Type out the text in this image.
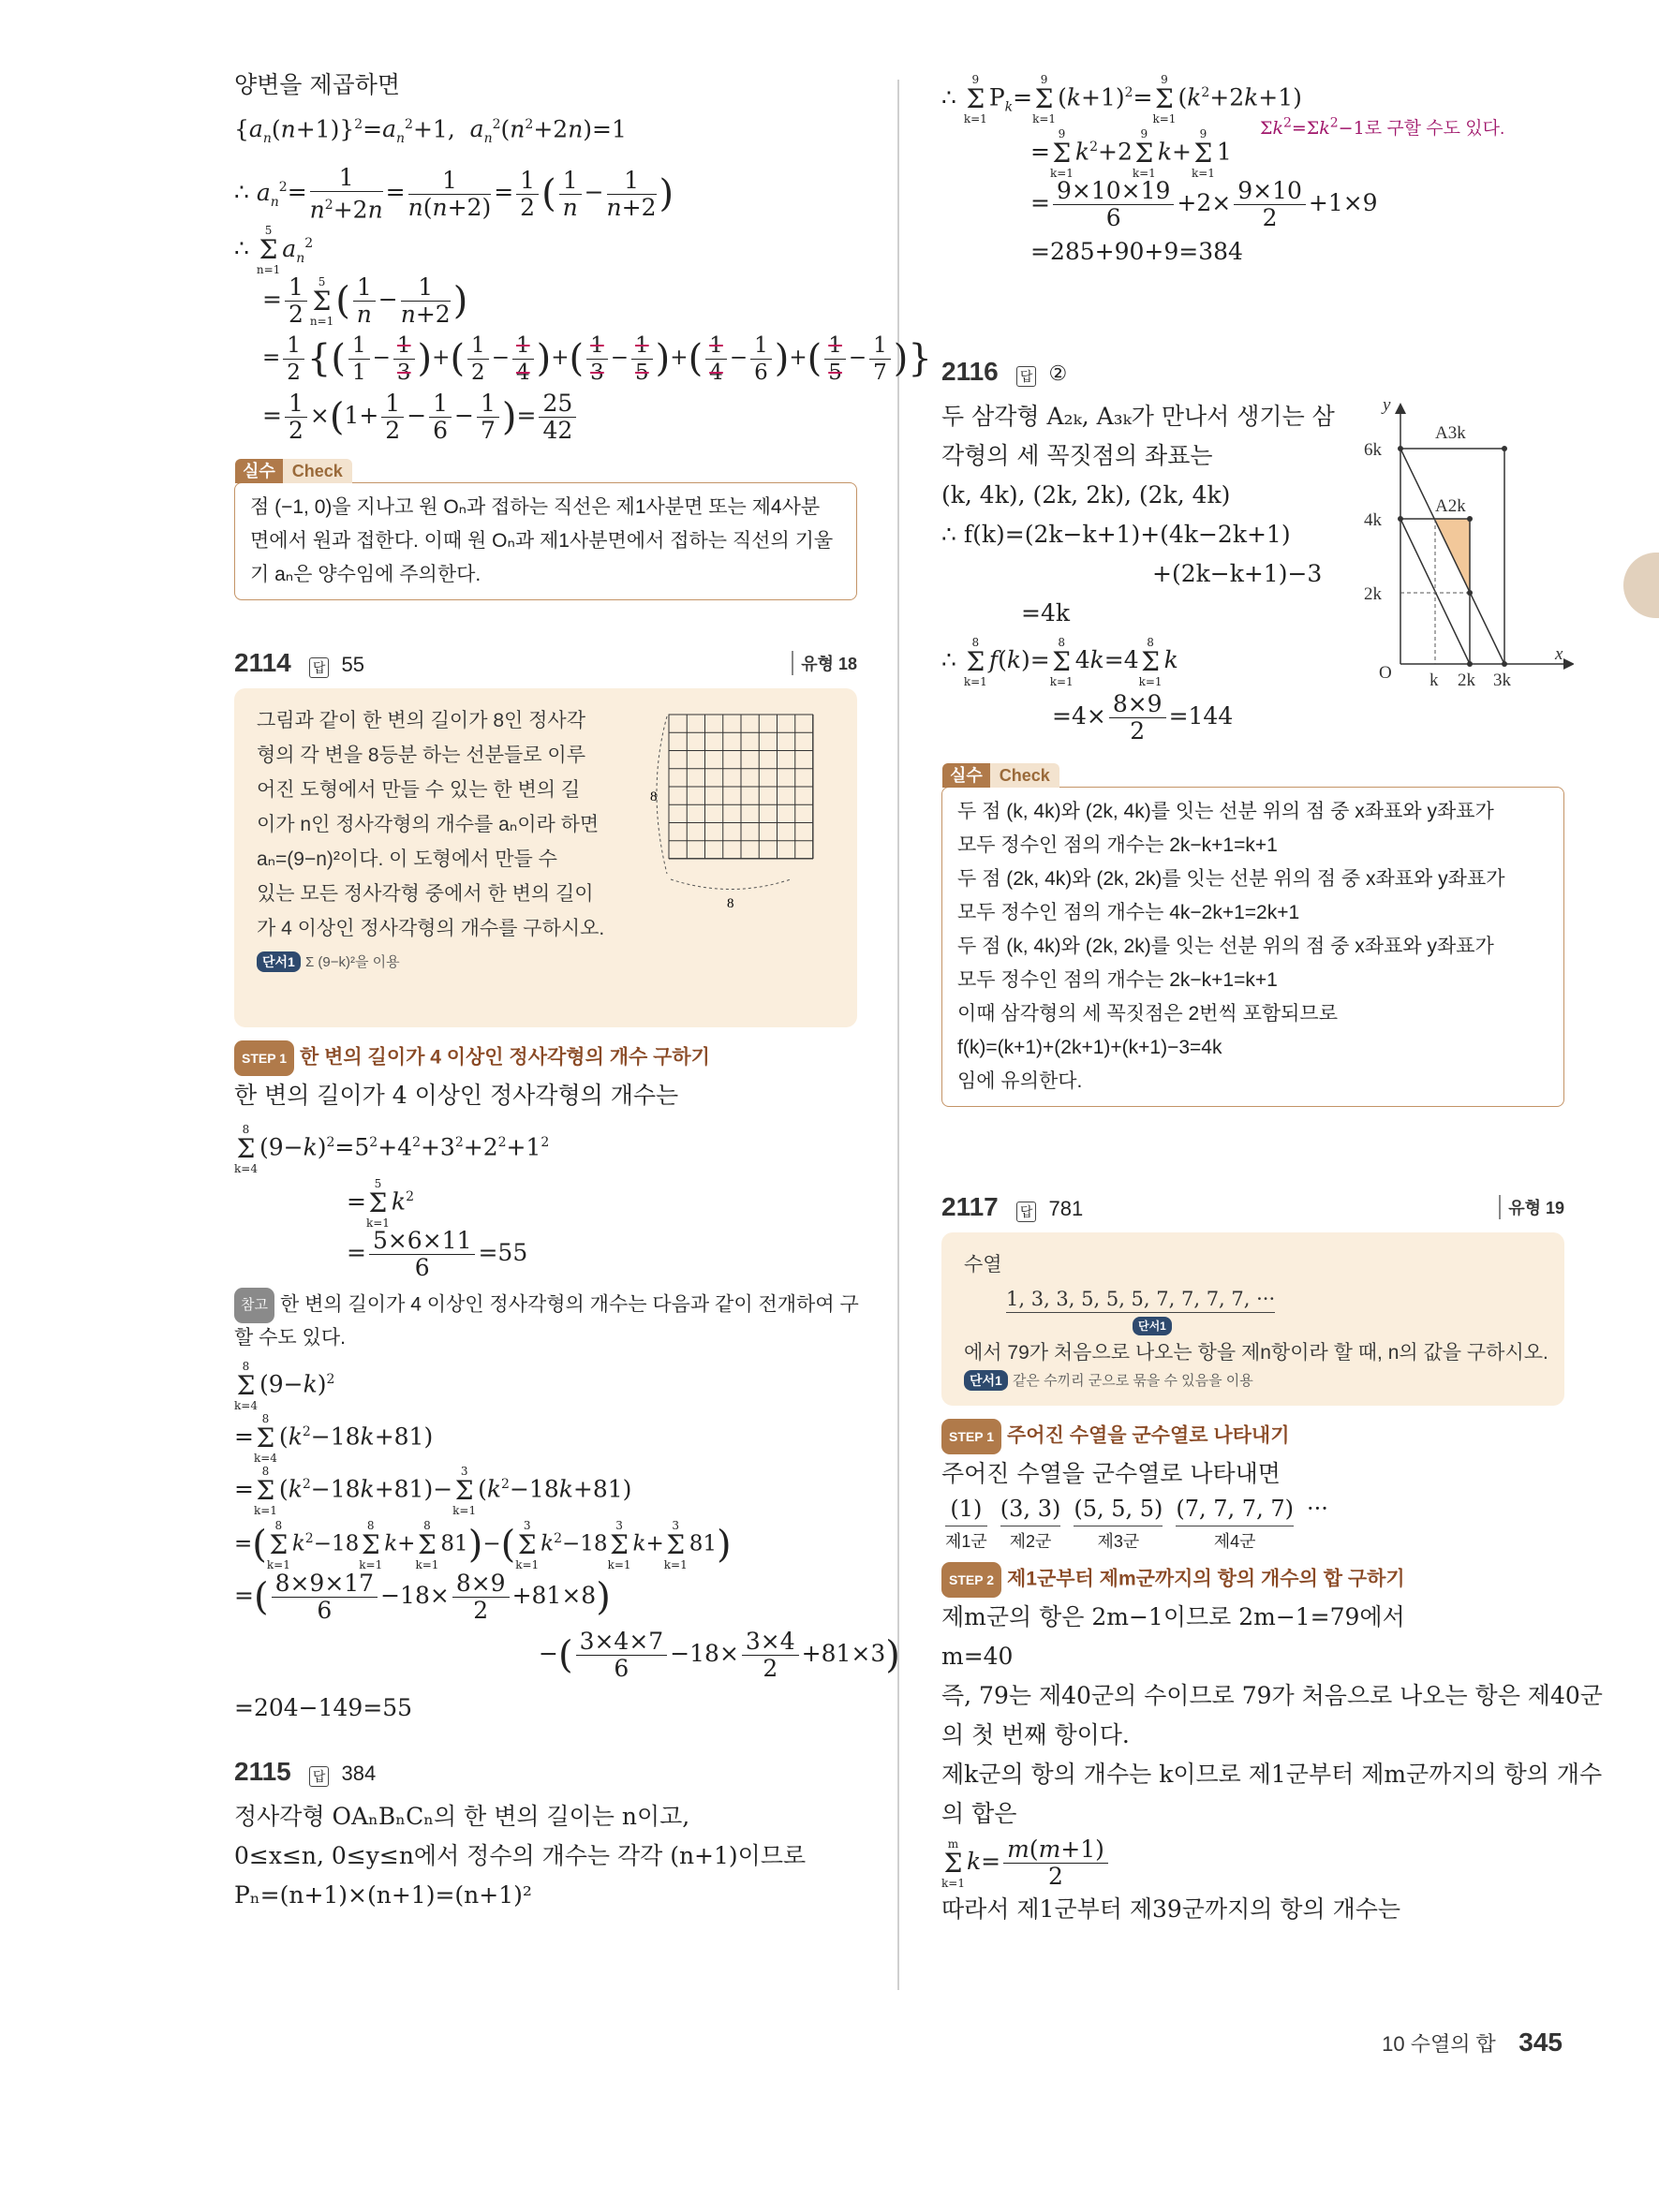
양변을 제곱하면
$\{a_n(n+1)\}^2=a_n^2+1$,  $a_n^2(n^2+2n)=1$
∴ $a_n^2= \frac{1}{n^2+2n} = \frac{1}{n(n+2)} = \frac{1}{2}$ ( $\frac{1}{n} - \frac{1}{n+2}$ )
∴
5
Σ
n=1
$a_n^2$
= $\frac{1}{2} 5$
Σ
n=1 ( $\frac{1}{n} - \frac{1}{n+2}$ )
= $\frac{1}{2}$ {( $\frac{1}{1} - \frac{1}{3}$ )+( $\frac{1}{2} - \frac{1}{4}$ )+( $\frac{1}{3} - \frac{1}{5}$ )+( $\frac{1}{4} - \frac{1}{6}$ )+( $\frac{1}{5} - \frac{1}{7}$ )}
= $\frac{1}{2} \times(1+ \frac{1}{2} - \frac{1}{6} - \frac{1}{7}$ )= $\frac{25}{42}$
실수	Check
점 (−1, 0)을 지나고 원 Oₙ과 접하는 직선은 제1사분면 또는 제4사분
면에서 원과 접한다. 이때 원 Oₙ과 제1사분면에서 접하는 직선의 기울
기 aₙ은 양수임에 주의한다.
2114 답 55	유형 18
그림과 같이 한 변의 길이가 8인 정사각
형의 각 변을 8등분 하는 선분들로 이루
어진 도형에서 만들 수 있는 한 변의 길
이가 n인 정사각형의 개수를 aₙ이라 하면
aₙ=(9−n)²이다. 이 도형에서 만들 수
있는 모든 정사각형 중에서 한 변의 길이
가 4 이상인 정사각형의 개수를 구하시오.
단서1 Σ (9−k)²을 이용
8
8
STEP 1 한 변의 길이가 4 이상인 정사각형의 개수 구하기
한 변의 길이가 4 이상인 정사각형의 개수는
8
Σ
k=4
$(9-k)^2=5^2+4^2+3^2+2^2+1^2$
=
5
Σ
k=1
$k^2$
= $\frac{5\times 6\times 11}{6} =55$
참고 한 변의 길이가 4 이상인 정사각형의 개수는 다음과 같이 전개하여 구
할 수도 있다.
8
Σ
k=4
$(9-k)^2$
=
8
Σ
k=4
$(k^2-18k+81)$
=
8
Σ
k=1
$(k^2-18k+81)-$
3
Σ
k=1
$(k^2-18k+81)$
=( 8
Σ
k=1
$k^2-18$
8
Σ
k=1
k+
8
Σ
k=1
81)−( 3
Σ
k=1
$k^2-18$
3
Σ
k=1
k+
3
Σ
k=1
81)
=( $\frac{8\times 9\times 17}{6} -18\times \frac{8\times 9}{2} +81\times 8$)
−( $\frac{3\times 4\times 7}{6} -18\times \frac{3\times 4}{2} +81\times 3$)
=204−149=55
2115 답 384
정사각형 OAₙBₙCₙ의 한 변의 길이는 n이고,
0≤x≤n, 0≤y≤n에서 정수의 개수는 각각 (n+1)이므로
Pₙ=(n+1)×(n+1)=(n+1)²
∴
9
Σ
k=1
$P_k=$
9
Σ
k=1
$(k+1)^2=$
9
Σ
k=1
$(k^2+2k+1)$
$\Sigma k^2=\Sigma k^2-1$로 구할 수도 있다.
=
9
Σ
k=1
$k^2+2$
9
Σ
k=1
k+
9
Σ
k=1
1
= $\frac{9\times 10\times 19}{6} +2\times \frac{9\times 10}{2} +1\times 9$
=285+90+9=384
2116 답 ②
두 삼각형 A₂ₖ, A₃ₖ가 만나서 생기는 삼
각형의 세 꼭짓점의 좌표는
(k, 4k), (2k, 2k), (2k, 4k)
∴ f(k)=(2k−k+1)+(4k−2k+1)
+(2k−k+1)−3
=4k
∴
8
Σ
k=1
f(k)=
8
Σ
k=1
4k=4
8
Σ
k=1
k
$=4\times \frac{8\times 9}{2} =144$
y
x
O
6k
4k
2k
k 2k 3k
A3k
A2k
실수	Check
두 점 (k, 4k)와 (2k, 4k)를 잇는 선분 위의 점 중 x좌표와 y좌표가
모두 정수인 점의 개수는 2k−k+1=k+1
두 점 (2k, 4k)와 (2k, 2k)를 잇는 선분 위의 점 중 x좌표와 y좌표가
모두 정수인 점의 개수는 4k−2k+1=2k+1
두 점 (k, 4k)와 (2k, 2k)를 잇는 선분 위의 점 중 x좌표와 y좌표가
모두 정수인 점의 개수는 2k−k+1=k+1
이때 삼각형의 세 꼭짓점은 2번씩 포함되므로
f(k)=(k+1)+(2k+1)+(k+1)−3=4k
임에 유의한다.
2117 답 781	유형 19
수열
1, 3, 3, 5, 5, 5, 7, 7, 7, 7, ···
단서1
에서 79가 처음으로 나오는 항을 제n항이라 할 때, n의 값을 구하시오.
단서1 같은 수끼리 군으로 묶을 수 있음을 이용
STEP 1 주어진 수열을 군수열로 나타내기
주어진 수열을 군수열로 나타내면
(1)
제1군
(3, 3)
제2군
(5, 5, 5)
제3군
(7, 7, 7, 7)
제4군
···
STEP 2 제1군부터 제m군까지의 항의 개수의 합 구하기
제m군의 항은 2m−1이므로 2m−1=79에서
m=40
즉, 79는 제40군의 수이므로 79가 처음으로 나오는 항은 제40군
의 첫 번째 항이다.
제k군의 항의 개수는 k이므로 제1군부터 제m군까지의 항의 개수
의 합은
m
Σ
k=1
$k= \frac{m(m+1)}{2}$
따라서 제1군부터 제39군까지의 항의 개수는
10 수열의 합 345
